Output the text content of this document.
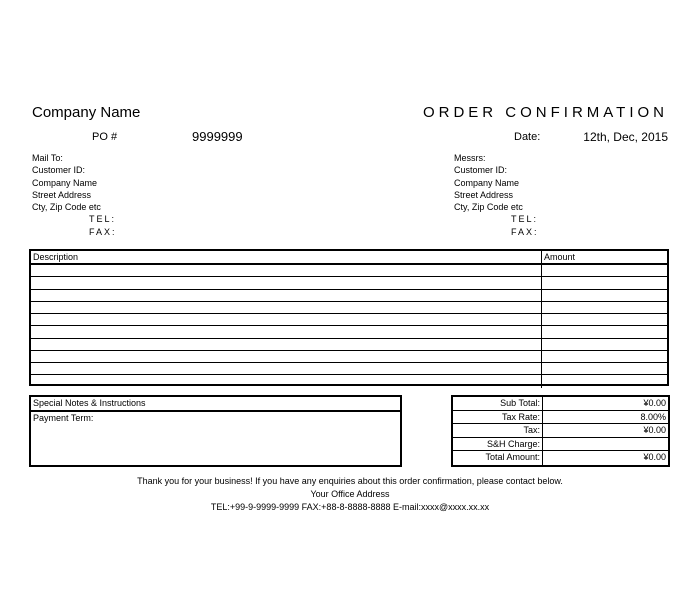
Company Name	ORDER CONFIRMATION
PO #	9999999	Date:	12th, Dec, 2015
Mail To:
Customer ID:
Company Name
Street Address
Cty, Zip Code etc
TEL:
FAX:
Messrs:
Customer ID:
Company Name
Street Address
Cty, Zip Code etc
TEL:
FAX:
Description	Amount
Special Notes & Instructions
Payment Term:
Sub Total:	¥0.00
Tax Rate:	8.00%
Tax:	¥0.00
S&H Charge:
Total Amount:	¥0.00
Thank you for your business! If you have any enquiries about this order confirmation, please contact below.
Your Office Address
TEL:+99-9-9999-9999 FAX:+88-8-8888-8888 E-mail:xxxx@xxxx.xx.xx
